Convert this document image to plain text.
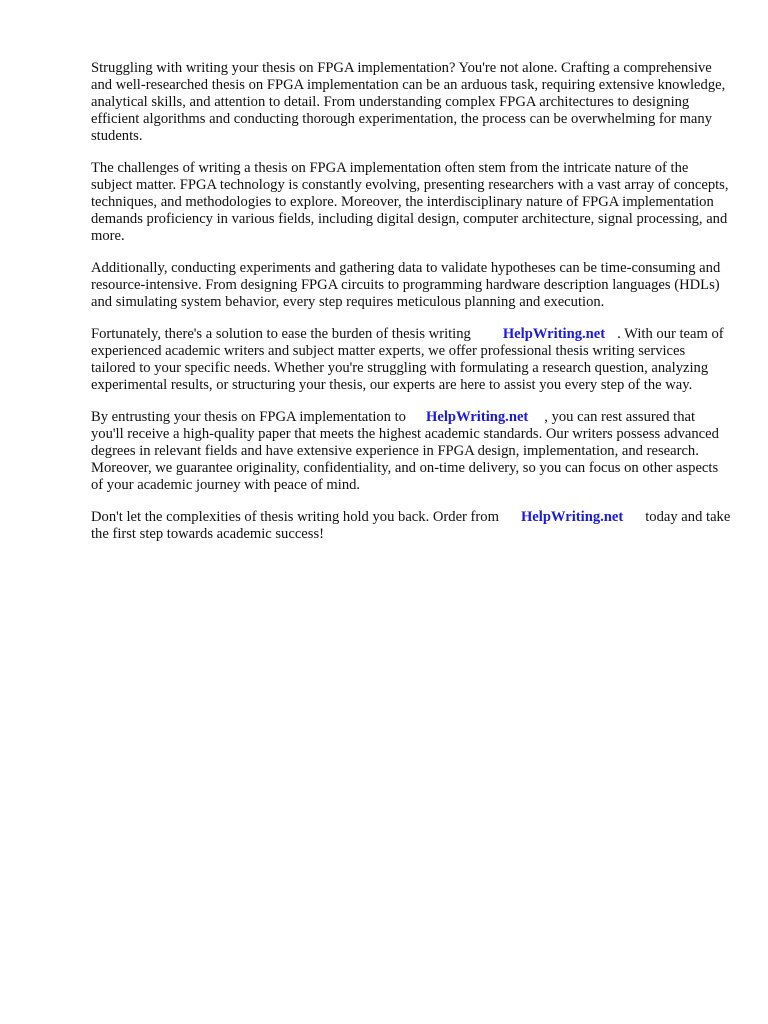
Struggling with writing your thesis on FPGA implementation? You're not alone. Crafting a comprehensive and well-researched thesis on FPGA implementation can be an arduous task, requiring extensive knowledge, analytical skills, and attention to detail. From understanding complex FPGA architectures to designing efficient algorithms and conducting thorough experimentation, the process can be overwhelming for many students.

The challenges of writing a thesis on FPGA implementation often stem from the intricate nature of the subject matter. FPGA technology is constantly evolving, presenting researchers with a vast array of concepts, techniques, and methodologies to explore. Moreover, the interdisciplinary nature of FPGA implementation demands proficiency in various fields, including digital design, computer architecture, signal processing, and more.

Additionally, conducting experiments and gathering data to validate hypotheses can be time-consuming and resource-intensive. From designing FPGA circuits to programming hardware description languages (HDLs) and simulating system behavior, every step requires meticulous planning and execution.

Fortunately, there's a solution to ease the burden of thesis writing HelpWriting.net . With our team of experienced academic writers and subject matter experts, we offer professional thesis writing services tailored to your specific needs. Whether you're struggling with formulating a research question, analyzing experimental results, or structuring your thesis, our experts are here to assist you every step of the way.

By entrusting your thesis on FPGA implementation to HelpWriting.net , you can rest assured that you'll receive a high-quality paper that meets the highest academic standards. Our writers possess advanced degrees in relevant fields and have extensive experience in FPGA design, implementation, and research. Moreover, we guarantee originality, confidentiality, and on-time delivery, so you can focus on other aspects of your academic journey with peace of mind.

Don't let the complexities of thesis writing hold you back. Order from HelpWriting.net today and take the first step towards academic success!
